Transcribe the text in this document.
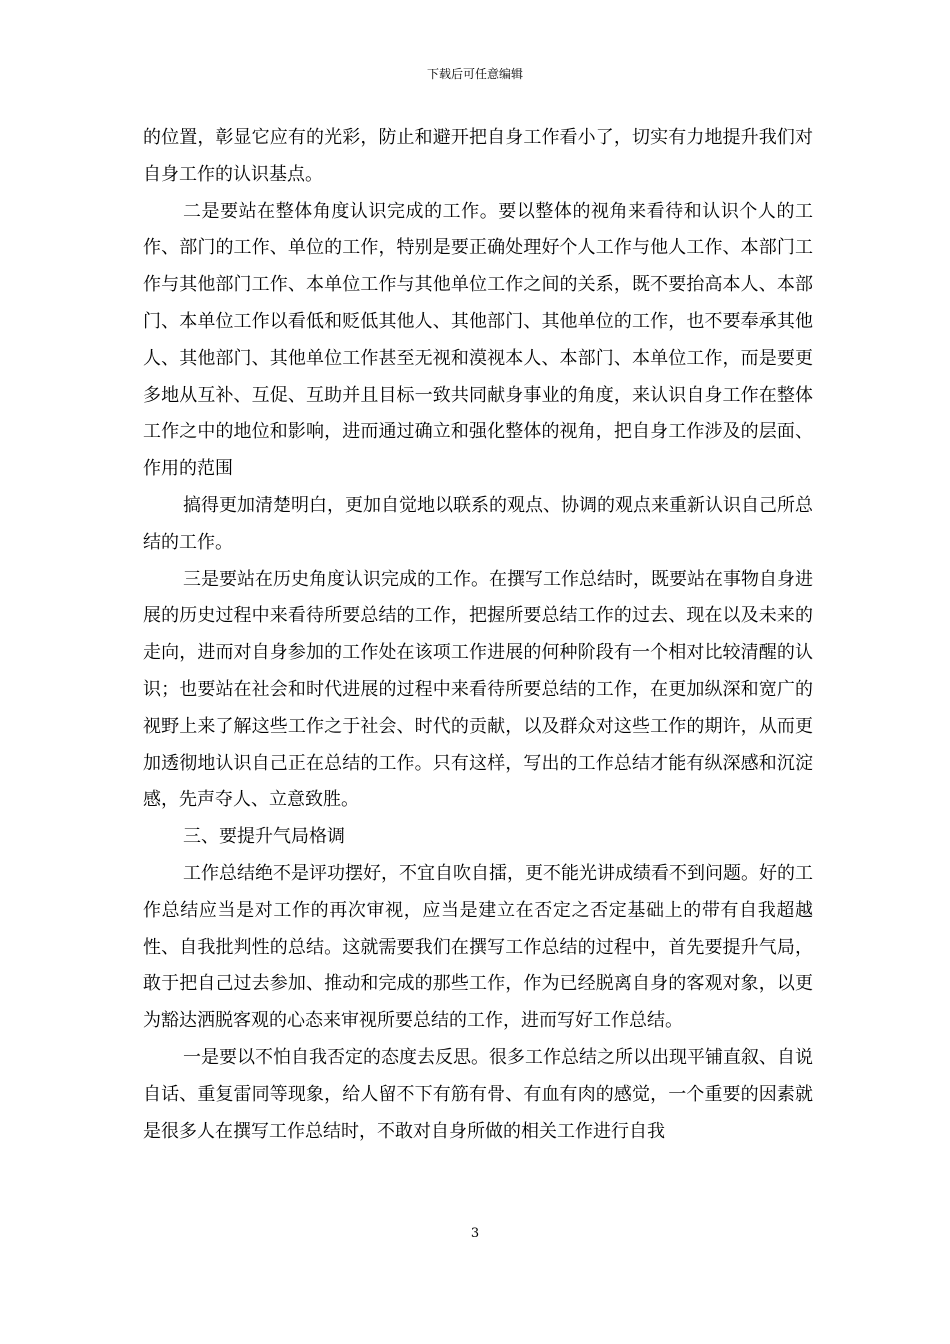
下载后可任意编辑

的位置，彰显它应有的光彩，防止和避开把自身工作看小了，切实有力地提升我们对自身工作的认识基点。

二是要站在整体角度认识完成的工作。要以整体的视角来看待和认识个人的工作、部门的工作、单位的工作，特别是要正确处理好个人工作与他人工作、本部门工作与其他部门工作、本单位工作与其他单位工作之间的关系，既不要抬高本人、本部门、本单位工作以看低和贬低其他人、其他部门、其他单位的工作，也不要奉承其他人、其他部门、其他单位工作甚至无视和漠视本人、本部门、本单位工作，而是要更多地从互补、互促、互助并且目标一致共同献身事业的角度，来认识自身工作在整体工作之中的地位和影响，进而通过确立和强化整体的视角，把自身工作涉及的层面、作用的范围

搞得更加清楚明白，更加自觉地以联系的观点、协调的观点来重新认识自己所总结的工作。

三是要站在历史角度认识完成的工作。在撰写工作总结时，既要站在事物自身进展的历史过程中来看待所要总结的工作，把握所要总结工作的过去、现在以及未来的走向，进而对自身参加的工作处在该项工作进展的何种阶段有一个相对比较清醒的认识；也要站在社会和时代进展的过程中来看待所要总结的工作，在更加纵深和宽广的视野上来了解这些工作之于社会、时代的贡献，以及群众对这些工作的期许，从而更加透彻地认识自己正在总结的工作。只有这样，写出的工作总结才能有纵深感和沉淀感，先声夺人、立意致胜。

三、要提升气局格调

工作总结绝不是评功摆好，不宜自吹自擂，更不能光讲成绩看不到问题。好的工作总结应当是对工作的再次审视，应当是建立在否定之否定基础上的带有自我超越性、自我批判性的总结。这就需要我们在撰写工作总结的过程中，首先要提升气局，敢于把自己过去参加、推动和完成的那些工作，作为已经脱离自身的客观对象，以更为豁达洒脱客观的心态来审视所要总结的工作，进而写好工作总结。

一是要以不怕自我否定的态度去反思。很多工作总结之所以出现平铺直叙、自说自话、重复雷同等现象，给人留不下有筋有骨、有血有肉的感觉，一个重要的因素就是很多人在撰写工作总结时，不敢对自身所做的相关工作进行自我

3
